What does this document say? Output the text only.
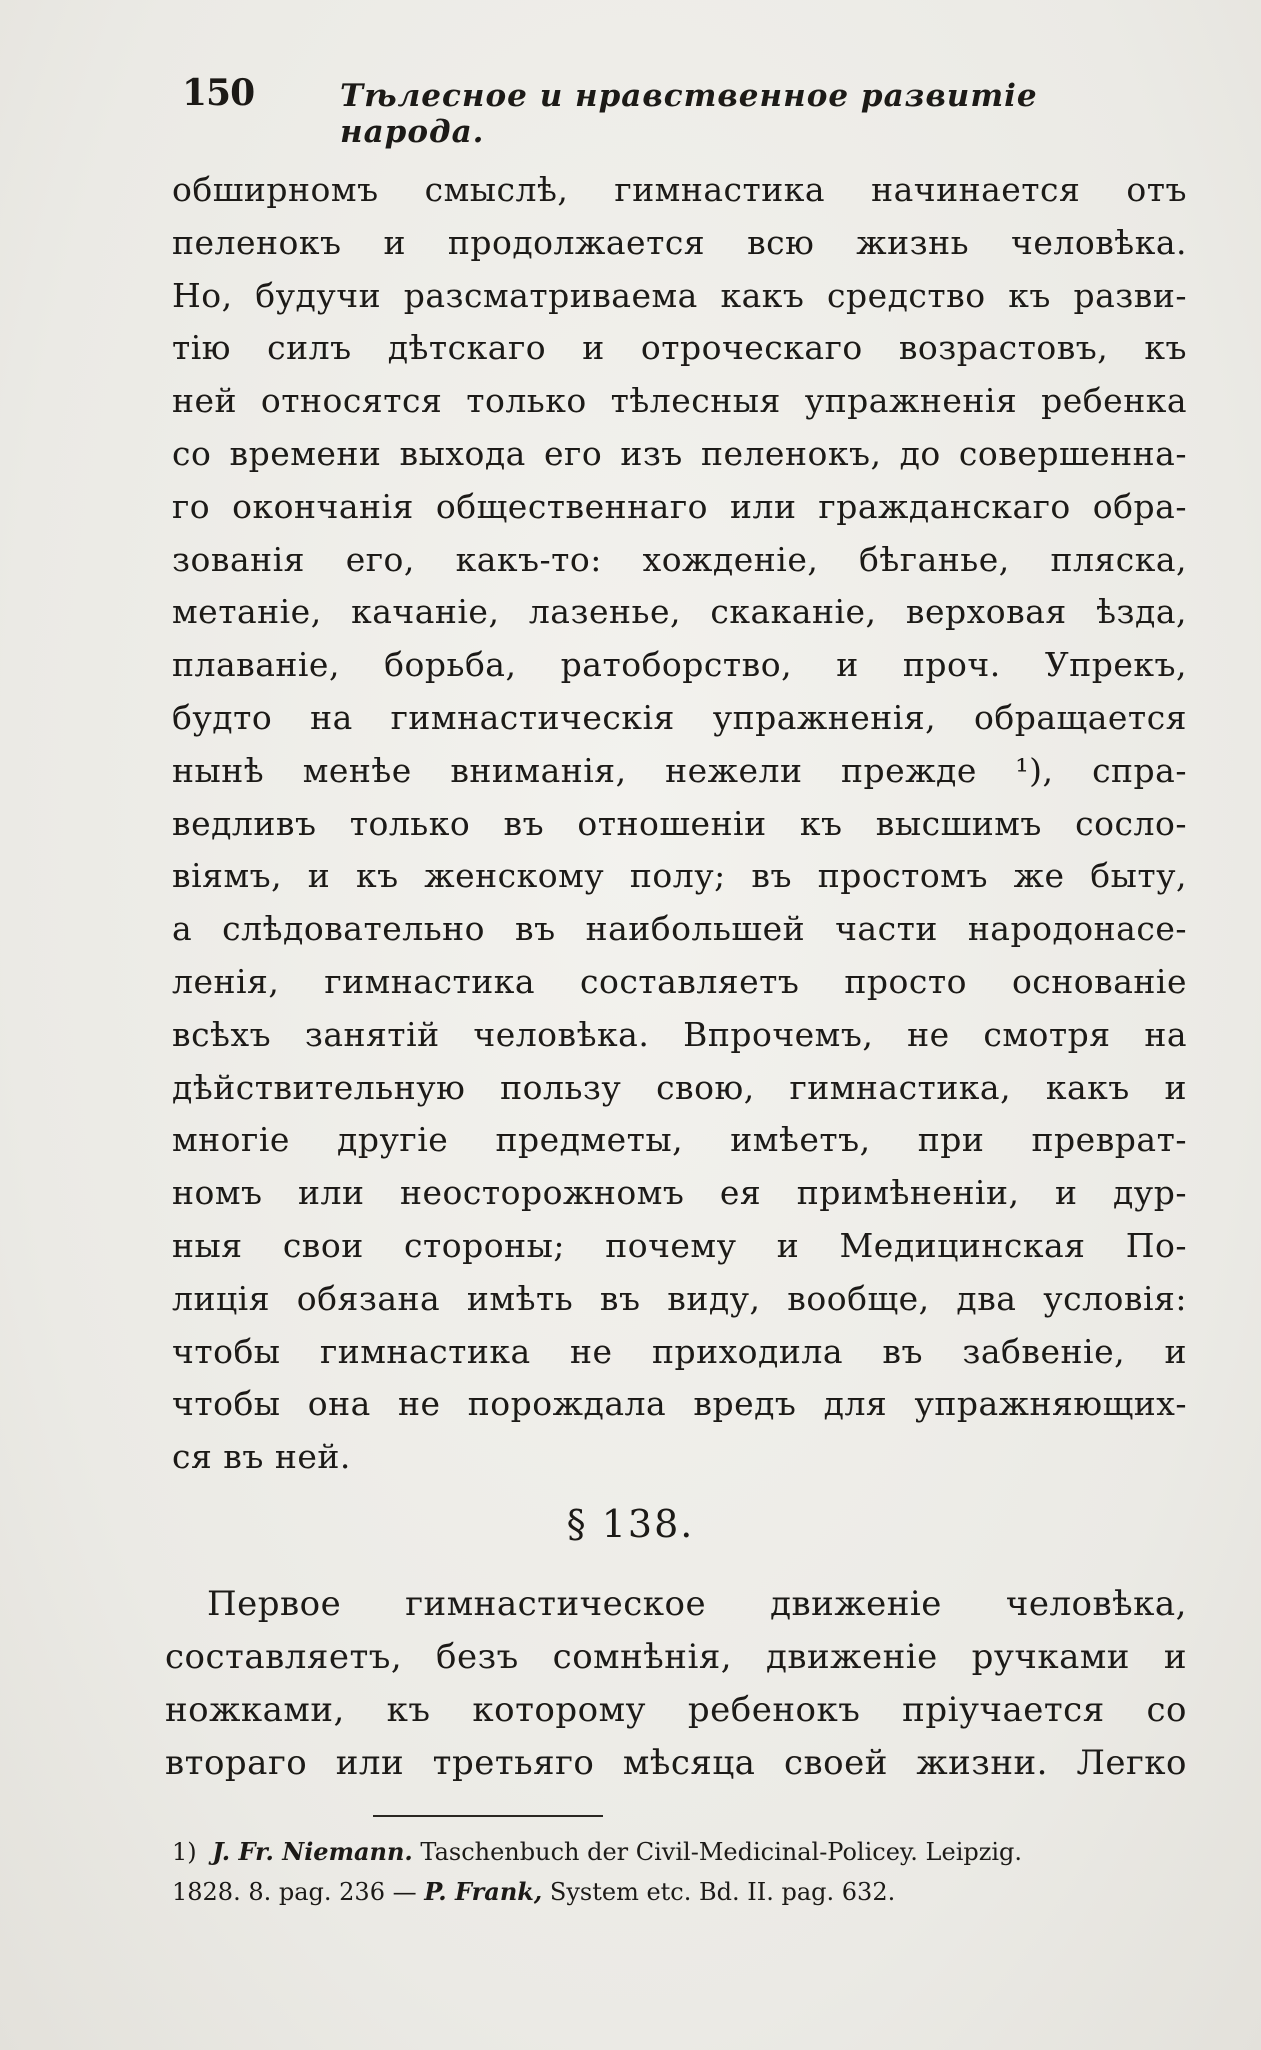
150	Тѣлесное и нравственное развитіе народа.
обширномъ смыслѣ, гимнастика начинается отъ
пеленокъ и продолжается всю жизнь человѣка.
Но, будучи разсматриваема какъ средство къ разви-
тію силъ дѣтскаго и отроческаго возрастовъ, къ
ней относятся только тѣлесныя упражненія ребенка
со времени выхода его изъ пеленокъ, до совершенна-
го окончанія общественнаго или гражданскаго обра-
зованія его, какъ-то: хожденіе, бѣганье, пляска,
метаніе, качаніе, лазенье, скаканіе, верховая ѣзда,
плаваніе, борьба, ратоборство, и проч. Упрекъ,
будто на гимнастическія упражненія, обращается
нынѣ менѣе вниманія, нежели прежде ¹), спра-
ведливъ только въ отношеніи къ высшимъ сосло-
віямъ, и къ женскому полу; въ простомъ же быту,
а слѣдовательно въ наибольшей части народонасе-
ленія, гимнастика составляетъ просто основаніе
всѣхъ занятій человѣка. Впрочемъ, не смотря на
дѣйствительную пользу свою, гимнастика, какъ и
многіе другіе предметы, имѣетъ, при преврат-
номъ или неосторожномъ ея примѣненіи, и дур-
ныя свои стороны; почему и Медицинская По-
лиція обязана имѣть въ виду, вообще, два условія:
чтобы гимнастика не приходила въ забвеніе, и
чтобы она не порождала вредъ для упражняющих-
ся въ ней.
§ 138.
Первое гимнастическое движеніе человѣка,
составляетъ, безъ сомнѣнія, движеніе ручками и
ножками, къ которому ребенокъ пріучается со
втораго или третьяго мѣсяца своей жизни. Легко
1) J. Fr. Niemann. Taschenbuch der Civil-Medicinal-Policey. Leipzig.
1828. 8. pag. 236 — P. Frank, System etc. Bd. II. pag. 632.
